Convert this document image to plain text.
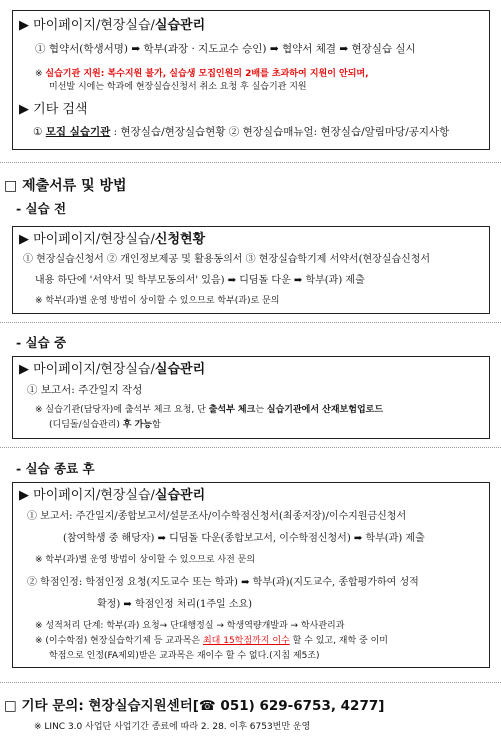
▶ 마이페이지/현장실습/실습관리
① 협약서(학생서명) ➡ 학부(과장 · 지도교수 승인) ➡ 협약서 체결 ➡ 현장실습 실시
※ 실습기관 지원: 복수지원 불가, 실습생 모집인원의 2배를 초과하여 지원이 안되며,
미선발 시에는 학과에 현장실습신청서 취소 요청 후 실습기관 지원
▶ 기타 검색
① 모집 실습기관 : 현장실습/현장실습현황 ② 현장실습매뉴얼: 현장실습/알림마당/공지사항
□ 제출서류 및 방법
- 실습 전
▶ 마이페이지/현장실습/신청현황
① 현장실습신청서 ② 개인정보제공 및 활용동의서 ③ 현장실습학기제 서약서(현장실습신청서
내용 하단에 '서약서 및 학부모동의서' 있음) ➡ 디딤돌 다운 ➡ 학부(과) 제출
※ 학부(과)별 운영 방법이 상이할 수 있으므로 학부(과)로 문의
- 실습 중
▶ 마이페이지/현장실습/실습관리
① 보고서: 주간일지 작성
※ 실습기관(담당자)에 출석부 체크 요청, 단 출석부 체크는 실습기관에서 산재보험업로드
(디딤돌/실습관리) 후 가능함
- 실습 종료 후
▶ 마이페이지/현장실습/실습관리
① 보고서: 주간일지/종합보고서/설문조사/이수학점신청서(최종저장)/이수지원금신청서
(참여학생 중 해당자) ➡ 디딤돌 다운(종합보고서, 이수학점신청서) ➡ 학부(과) 제출
※ 학부(과)별 운영 방법이 상이할 수 있으므로 사전 문의
② 학점인정: 학점인정 요청(지도교수 또는 학과) ➡ 학부(과)(지도교수, 종합평가하여 성적
확정) ➡ 학점인정 처리(1주일 소요)
※ 성적처리 단계: 학부(과) 요청→ 단대행정실 → 학생역량개발과 → 학사관리과
※ (이수학점) 현장실습학기제 등 교과목은 최대 15학점까지 이수 할 수 있고, 재학 중 이미
학점으로 인정(FA제외)받은 교과목은 재이수 할 수 없다.(지침 제5조)
□ 기타 문의: 현장실습지원센터[☎ 051) 629-6753, 4277]
※ LINC 3.0 사업단 사업기간 종료에 따라 2. 28. 이후 6753번만 운영
